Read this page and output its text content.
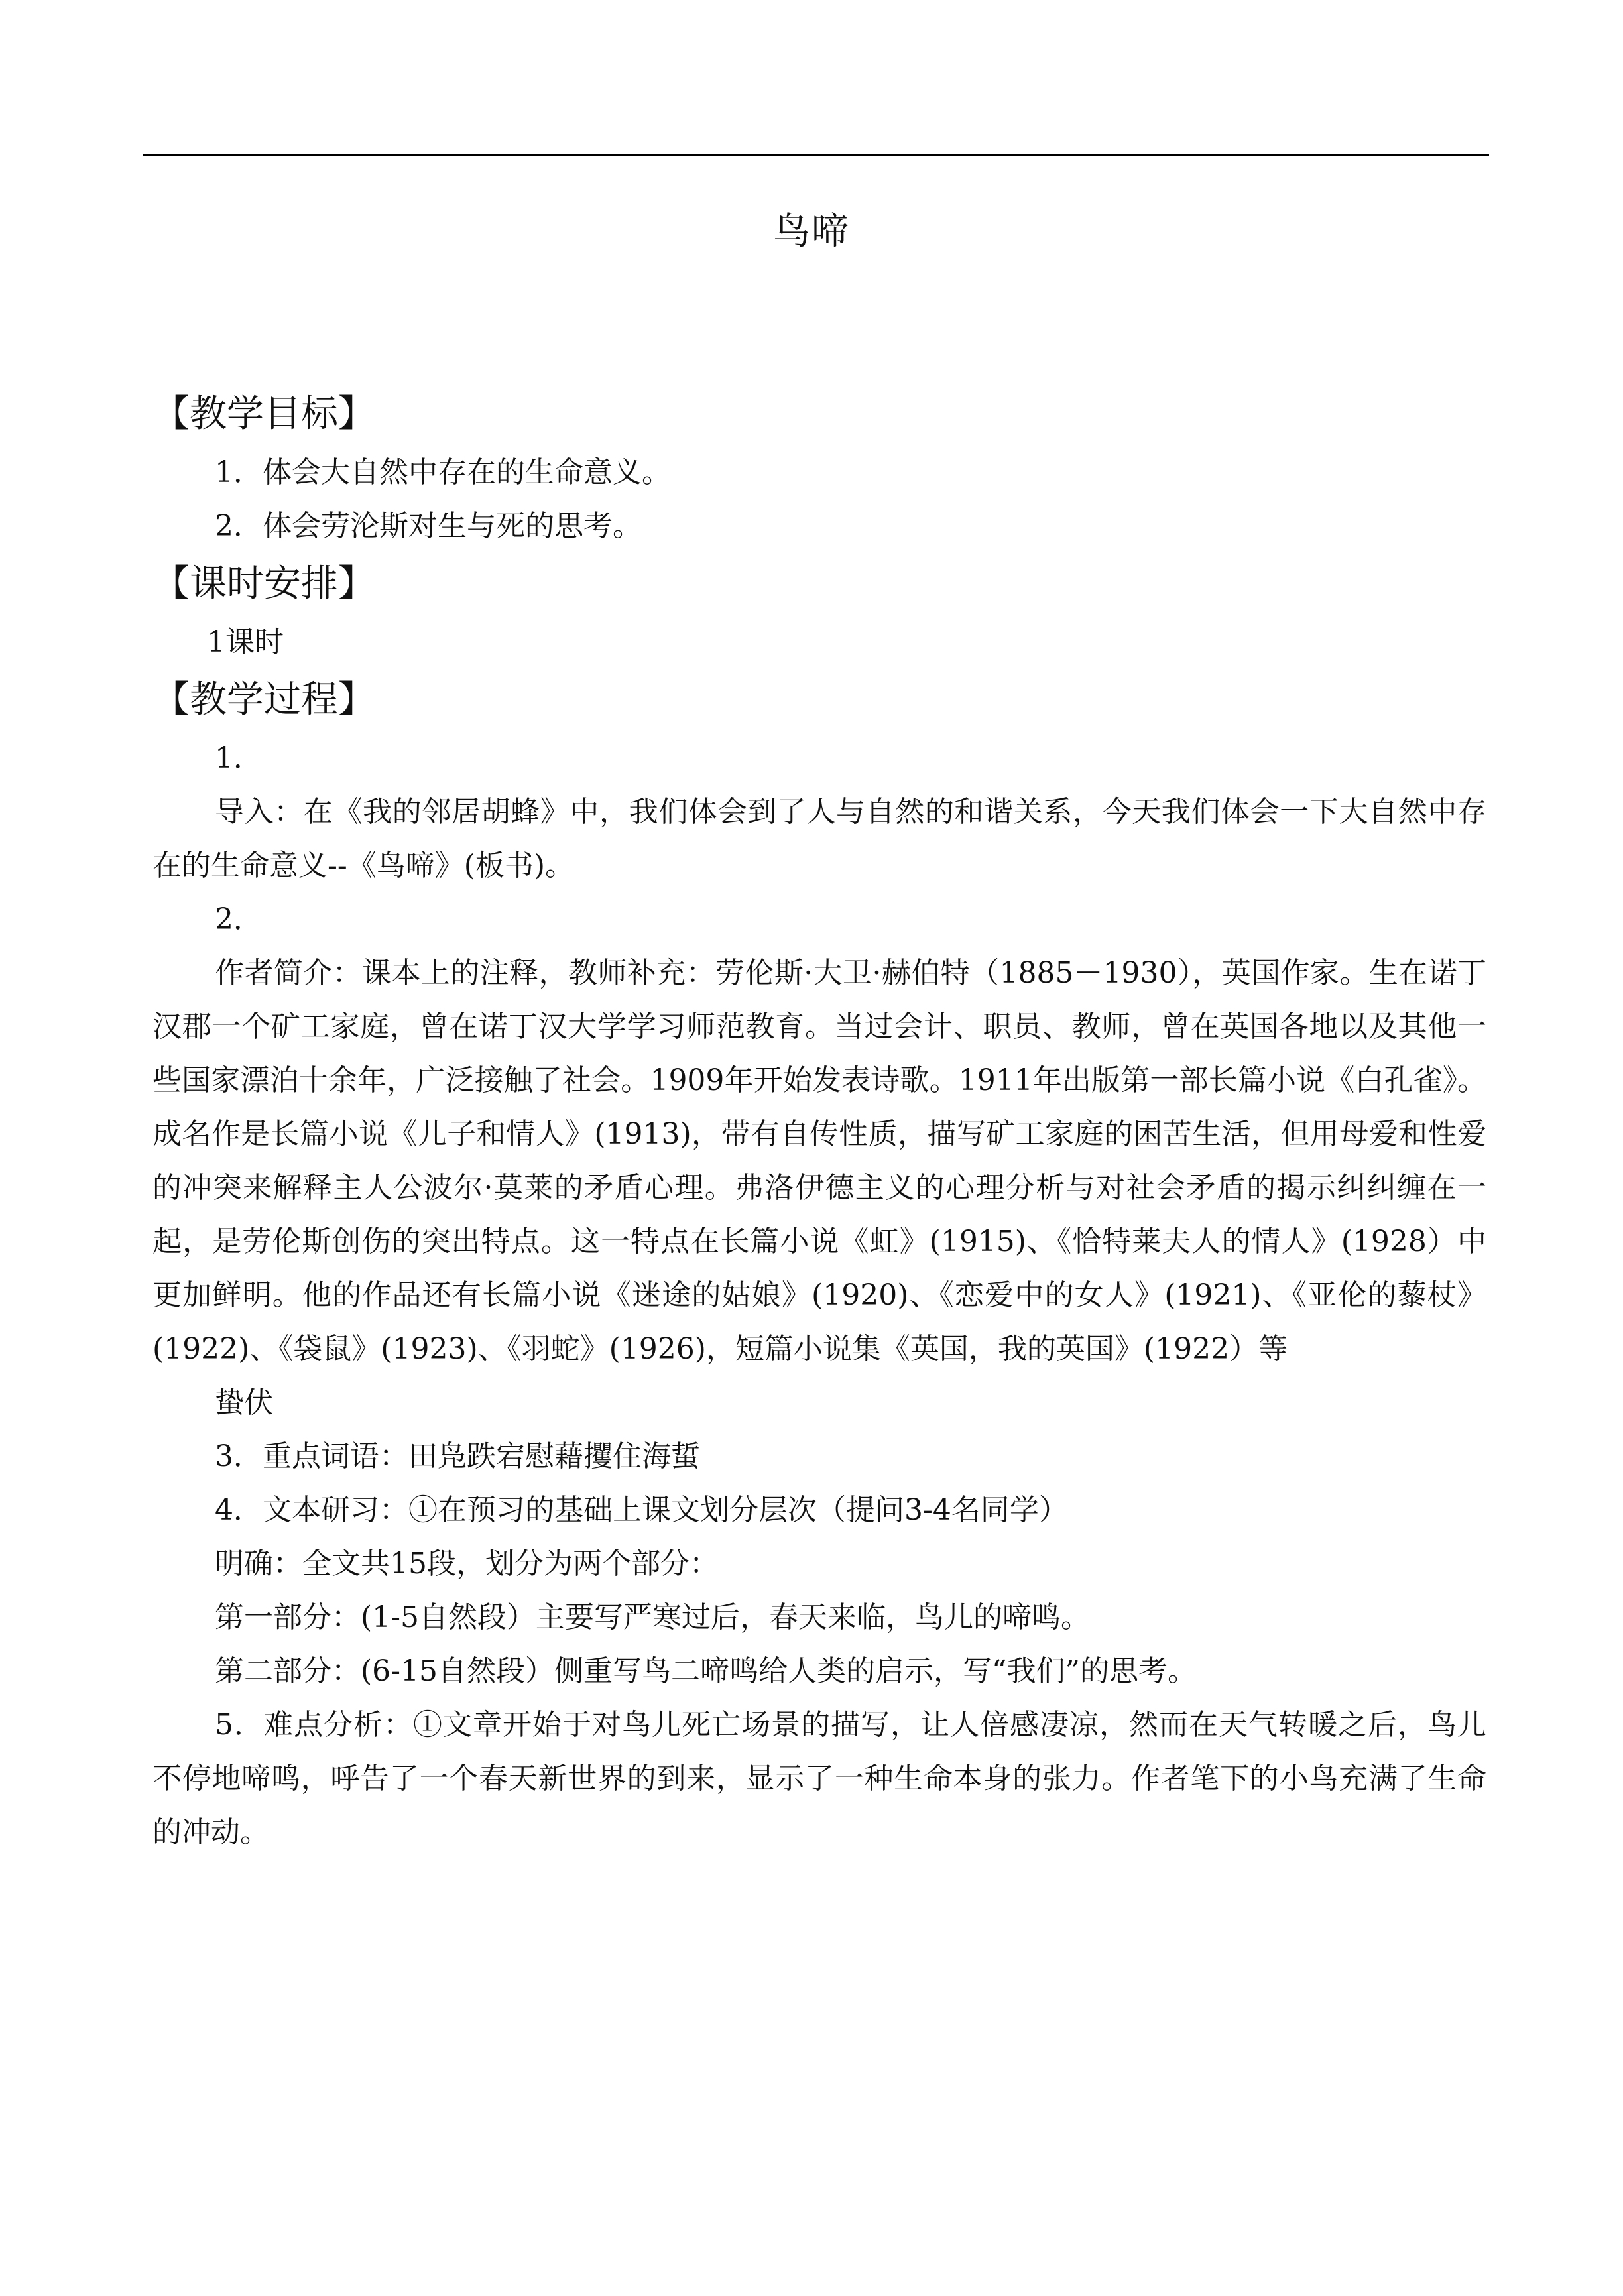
鸟啼
【教学目标】

1．体会大自然中存在的生命意义。

2．体会劳沦斯对生与死的思考。

【课时安排】

1课时

【教学过程】

1．

导入：在《我的邻居胡蜂》中，我们体会到了人与自然的和谐关系，今天我们体会一下大自然中存在的生命意义--《鸟啼》(板书)。

2．

作者简介：课本上的注释，教师补充：劳伦斯·大卫·赫伯特（1885－1930），英国作家。生在诺丁汉郡一个矿工家庭，曾在诺丁汉大学学习师范教育。当过会计、职员、教师，曾在英国各地以及其他一些国家漂泊十余年，广泛接触了社会。1909年开始发表诗歌。1911年出版第一部长篇小说《白孔雀》。成名作是长篇小说《儿子和情人》(1913)，带有自传性质，描写矿工家庭的困苦生活，但用母爱和性爱的冲突来解释主人公波尔·莫莱的矛盾心理。弗洛伊德主义的心理分析与对社会矛盾的揭示纠纠缠在一起，是劳伦斯创伤的突出特点。这一特点在长篇小说《虹》(1915)、《恰特莱夫人的情人》(1928）中更加鲜明。他的作品还有长篇小说《迷途的姑娘》(1920)、《恋爱中的女人》(1921)、《亚伦的藜杖》(1922)、《袋鼠》(1923)、《羽蛇》(1926)，短篇小说集《英国，我的英国》(1922）等

蛰伏

3．重点词语：田凫跌宕慰藉攫住海蜇

4．文本研习：①在预习的基础上课文划分层次（提问3-4名同学）

明确：全文共15段，划分为两个部分：

第一部分：(1-5自然段）主要写严寒过后，春天来临，鸟儿的啼鸣。

第二部分：(6-15自然段）侧重写鸟二啼鸣给人类的启示，写“我们”的思考。

5．难点分析：①文章开始于对鸟儿死亡场景的描写，让人倍感凄凉，然而在天气转暖之后，鸟儿不停地啼鸣，呼告了一个春天新世界的到来，显示了一种生命本身的张力。作者笔下的小鸟充满了生命的冲动。
